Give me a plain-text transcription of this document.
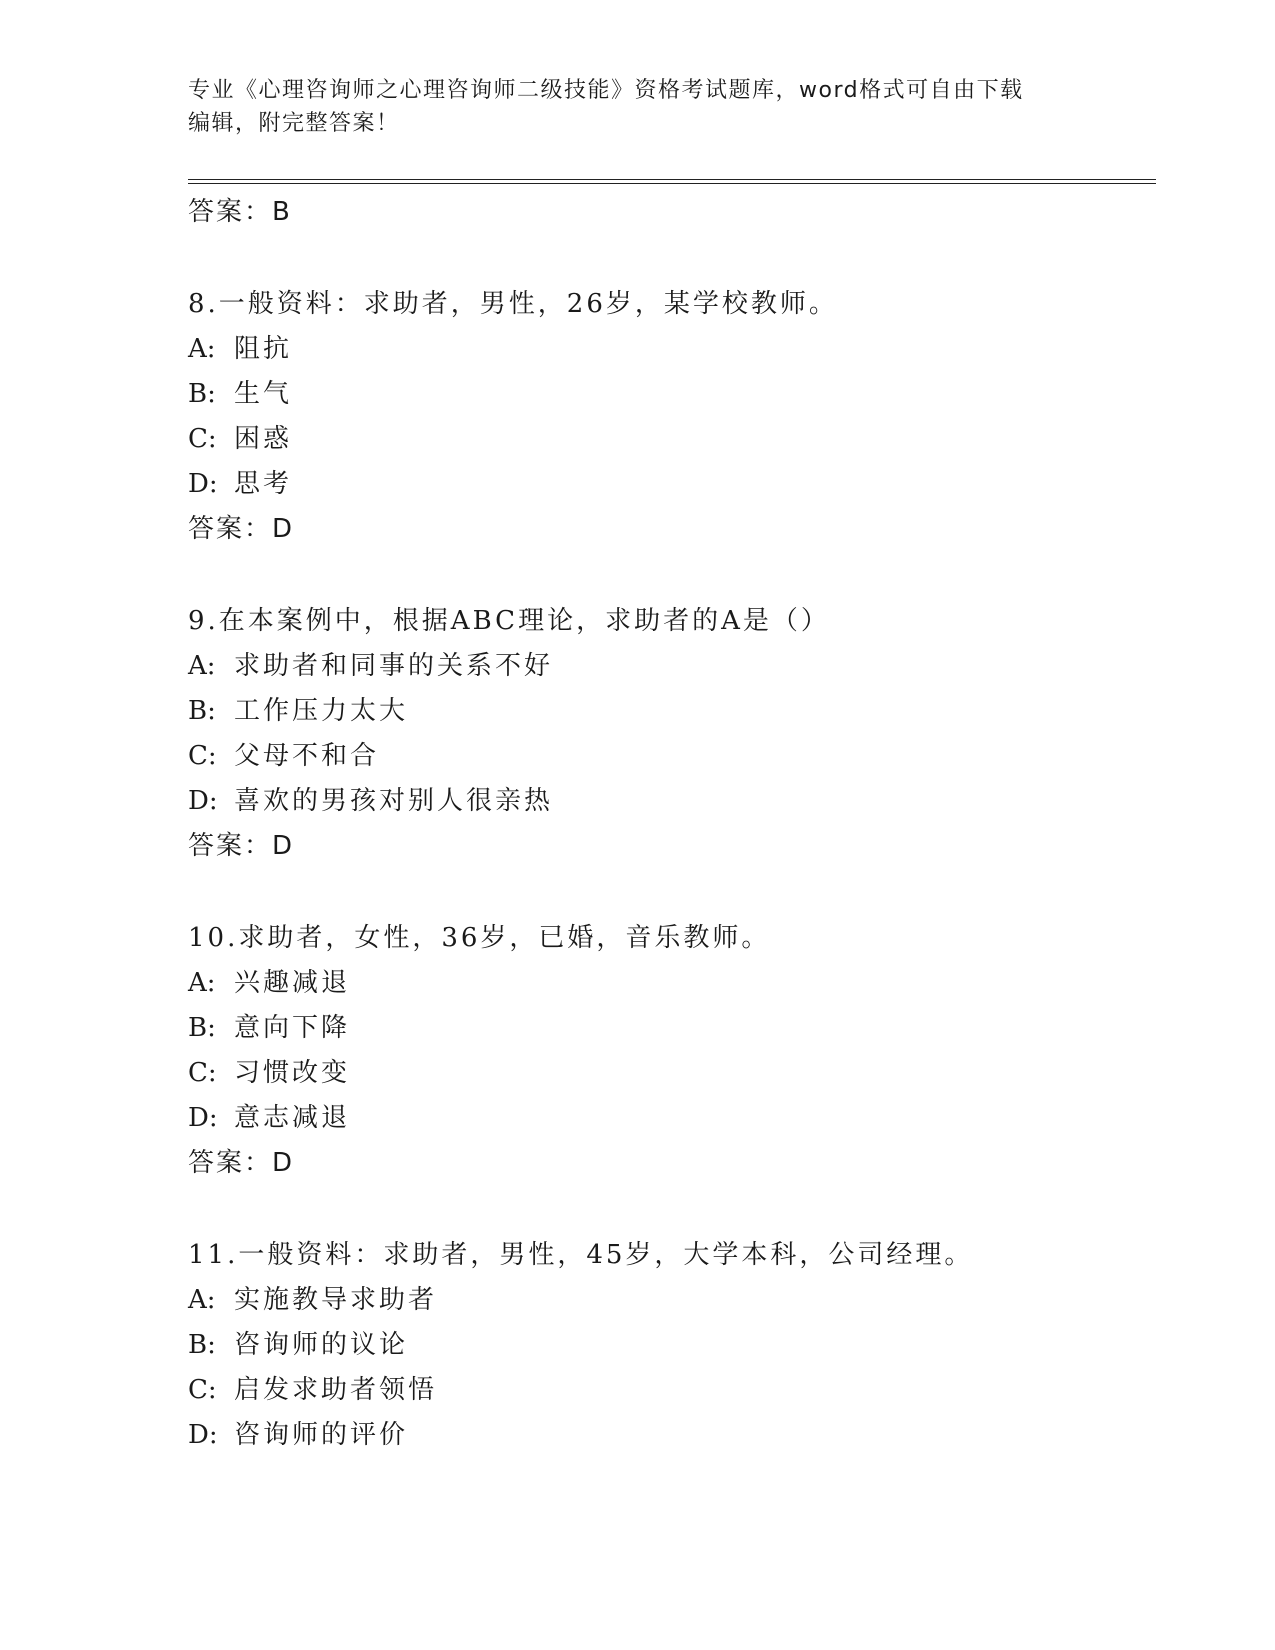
专业《心理咨询师之心理咨询师二级技能》资格考试题库，word格式可自由下载
编辑，附完整答案！
答案：B
8.一般资料：求助者，男性，26岁，某学校教师。
A: 阻抗
B: 生气
C: 困惑
D: 思考
答案：D
9.在本案例中，根据ABC理论，求助者的A是（）
A: 求助者和同事的关系不好
B: 工作压力太大
C: 父母不和合
D: 喜欢的男孩对别人很亲热
答案：D
10.求助者，女性，36岁，已婚，音乐教师。
A: 兴趣减退
B: 意向下降
C: 习惯改变
D: 意志减退
答案：D
11.一般资料：求助者，男性，45岁，大学本科，公司经理。
A: 实施教导求助者
B: 咨询师的议论
C: 启发求助者领悟
D: 咨询师的评价
